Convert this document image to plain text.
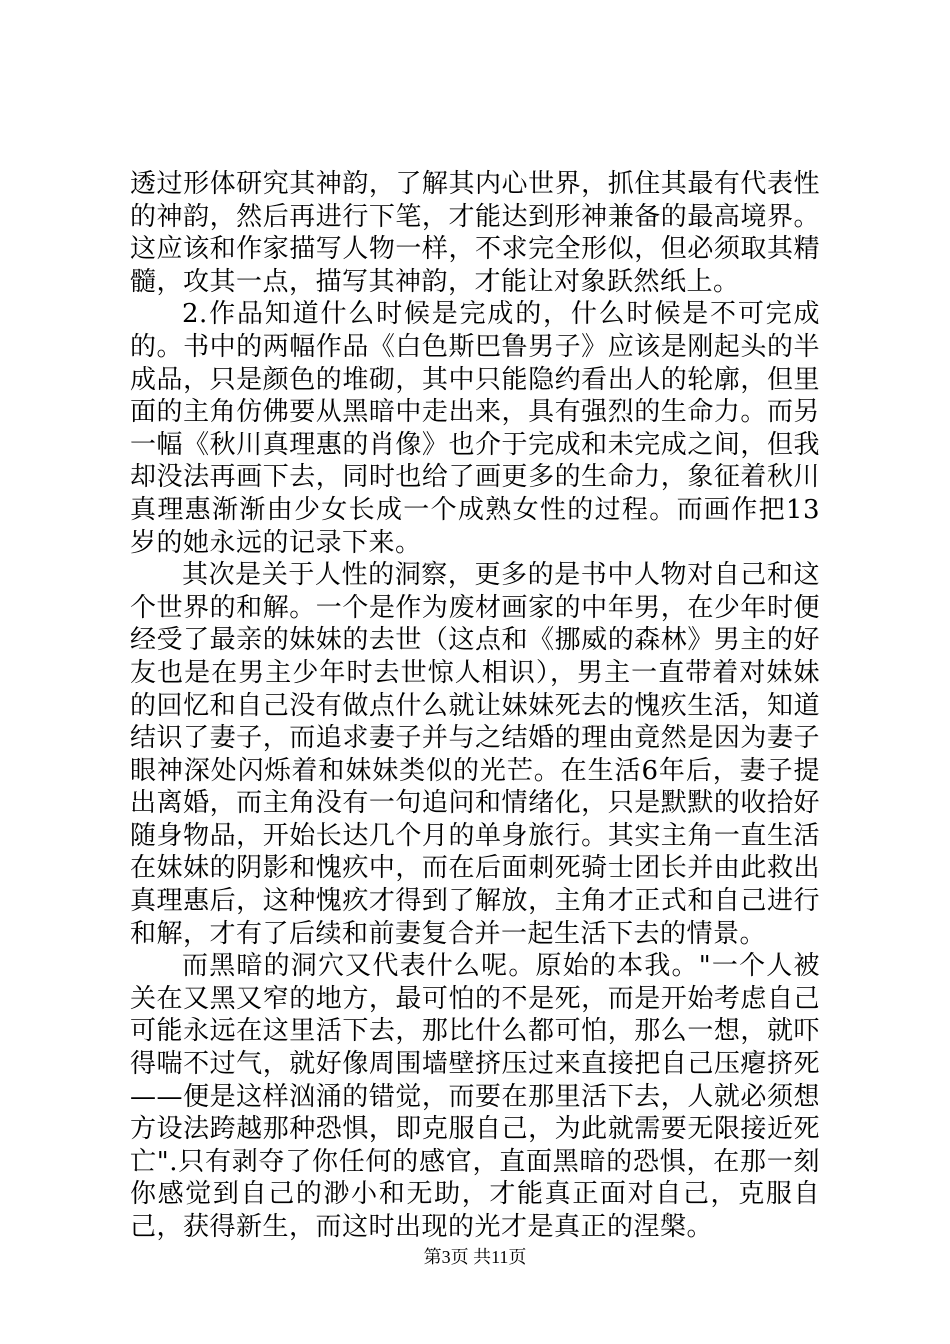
透过形体研究其神韵，了解其内心世界，抓住其最有代表性的神韵，然后再进行下笔，才能达到形神兼备的最高境界。这应该和作家描写人物一样，不求完全形似，但必须取其精髓，攻其一点，描写其神韵，才能让对象跃然纸上。

2.作品知道什么时候是完成的，什么时候是不可完成的。书中的两幅作品《白色斯巴鲁男子》应该是刚起头的半成品，只是颜色的堆砌，其中只能隐约看出人的轮廓，但里面的主角仿佛要从黑暗中走出来，具有强烈的生命力。而另一幅《秋川真理惠的肖像》也介于完成和未完成之间，但我却没法再画下去，同时也给了画更多的生命力，象征着秋川真理惠渐渐由少女长成一个成熟女性的过程。而画作把13岁的她永远的记录下来。

其次是关于人性的洞察，更多的是书中人物对自己和这个世界的和解。一个是作为废材画家的中年男，在少年时便经受了最亲的妹妹的去世（这点和《挪威的森林》男主的好友也是在男主少年时去世惊人相识），男主一直带着对妹妹的回忆和自己没有做点什么就让妹妹死去的愧疚生活，知道结识了妻子，而追求妻子并与之结婚的理由竟然是因为妻子眼神深处闪烁着和妹妹类似的光芒。在生活6年后，妻子提出离婚，而主角没有一句追问和情绪化，只是默默的收拾好随身物品，开始长达几个月的单身旅行。其实主角一直生活在妹妹的阴影和愧疚中，而在后面刺死骑士团长并由此救出真理惠后，这种愧疚才得到了解放，主角才正式和自己进行和解，才有了后续和前妻复合并一起生活下去的情景。

而黑暗的洞穴又代表什么呢。原始的本我。"一个人被关在又黑又窄的地方，最可怕的不是死，而是开始考虑自己可能永远在这里活下去，那比什么都可怕，那么一想，就吓得喘不过气，就好像周围墙壁挤压过来直接把自己压瘪挤死——便是这样汹涌的错觉，而要在那里活下去，人就必须想方设法跨越那种恐惧，即克服自己，为此就需要无限接近死亡".只有剥夺了你任何的感官，直面黑暗的恐惧，在那一刻你感觉到自己的渺小和无助，才能真正面对自己，克服自己，获得新生，而这时出现的光才是真正的涅槃。

第3页 共11页
